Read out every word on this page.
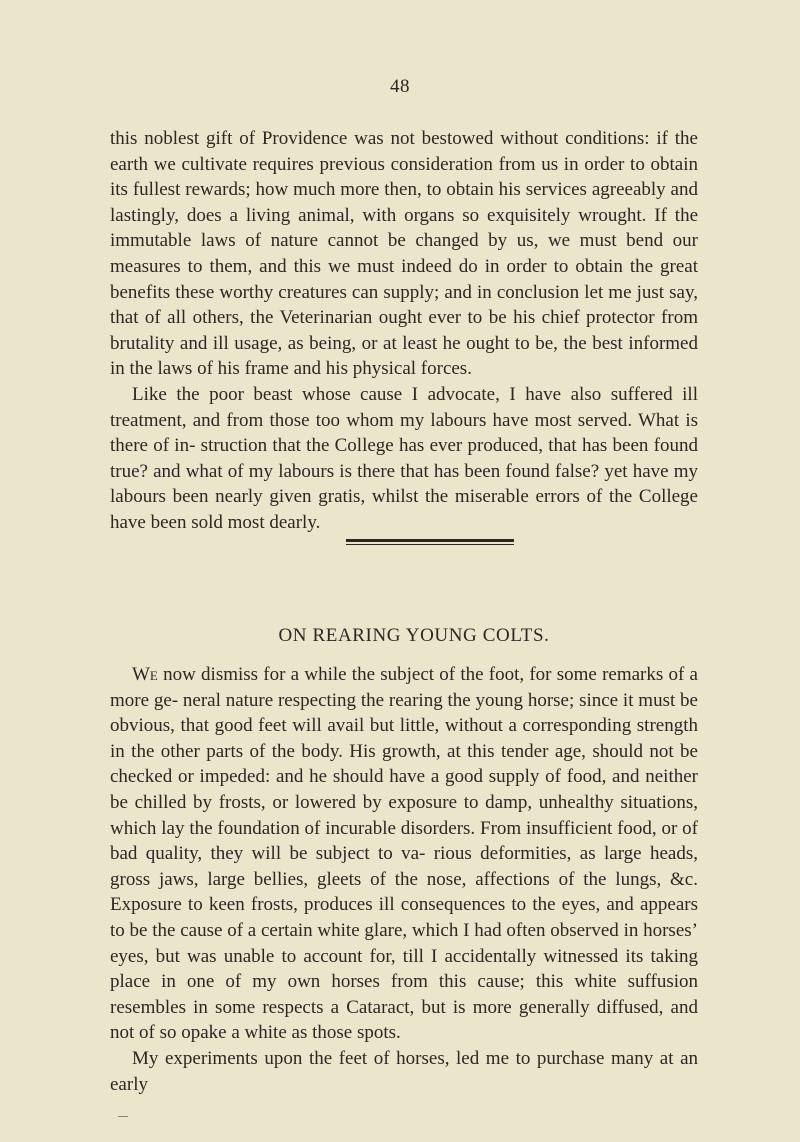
48

this noblest gift of Providence was not bestowed without conditions: if the earth we cultivate requires previous consideration from us in order to obtain its fullest rewards; how much more then, to obtain his services agreeably and lastingly, does a living animal, with organs so exquisitely wrought. If the immutable laws of nature cannot be changed by us, we must bend our measures to them, and this we must indeed do in order to obtain the great benefits these worthy creatures can supply; and in conclusion let me just say, that of all others, the Veterinarian ought ever to be his chief protector from brutality and ill usage, as being, or at least he ought to be, the best informed in the laws of his frame and his physical forces.

Like the poor beast whose cause I advocate, I have also suffered ill treatment, and from those too whom my labours have most served. What is there of in- struction that the College has ever produced, that has been found true? and what of my labours is there that has been found false? yet have my labours been nearly given gratis, whilst the miserable errors of the College have been sold most dearly.

ON REARING YOUNG COLTS.

We now dismiss for a while the subject of the foot, for some remarks of a more ge- neral nature respecting the rearing the young horse; since it must be obvious, that good feet will avail but little, without a corresponding strength in the other parts of the body. His growth, at this tender age, should not be checked or impeded: and he should have a good supply of food, and neither be chilled by frosts, or lowered by exposure to damp, unhealthy situations, which lay the foundation of incurable disorders. From insufficient food, or of bad quality, they will be subject to va- rious deformities, as large heads, gross jaws, large bellies, gleets of the nose, affections of the lungs, &c. Exposure to keen frosts, produces ill consequences to the eyes, and appears to be the cause of a certain white glare, which I had often observed in horses’ eyes, but was unable to account for, till I accidentally witnessed its taking place in one of my own horses from this cause; this white suffusion resembles in some respects a Cataract, but is more generally diffused, and not of so opake a white as those spots.

My experiments upon the feet of horses, led me to purchase many at an early
